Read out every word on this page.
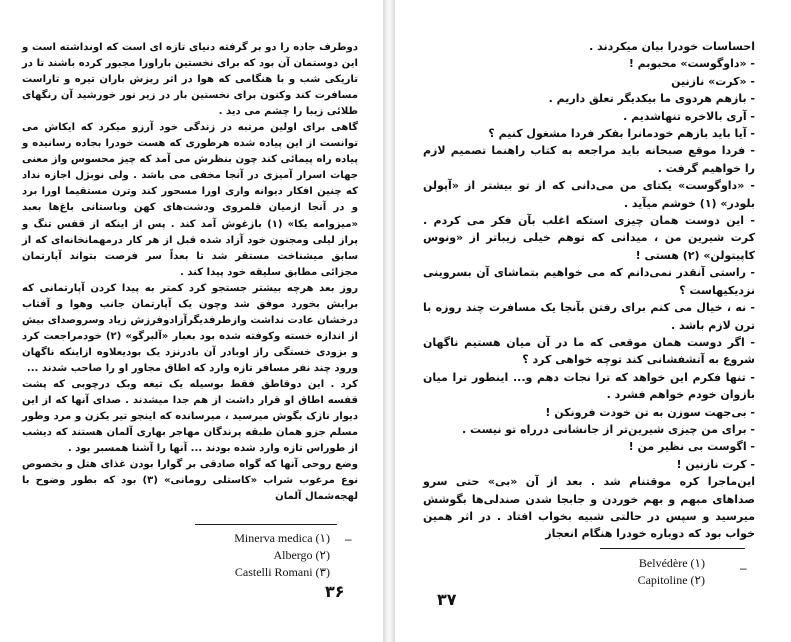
دوطرف جاده را دو بر گرفته دنیای تازه ای است که اونداشته است و این دوستمان آن بود که برای نخستین باراورا مجبور کرده باشند تا در تاریکی شب و با هنگامی که هوا در اثر ریزش باران تیره و تاراست مسافرت کند وکنون برای نخستین بار در زیر نور خورشید آن رنگهای طلائی زیبا را چشم می دید .

گاهی برای اولین مرتبه در زندگی خود آرزو میکرد که ایکاش می توانست از این پیاده شده هرطوری که هست خودرا بجاده رسانیده و پیاده راه پیمائی کند چون بنظرش می آمد که چیز محسوس واز معنی جهات اسرار آمیزی در آنجا مخفی می باشد . ولی نوبژل اجازه نداد که چنین افکار دیوانه واری اورا مسحور کند وترن مستقیما اورا برد و در آنجا ازمیان قلمروی ودشت‌های کهن وباستانی باغ‌ها بعبد «میزوامه یکا» (۱) بازغوش آمد کند . پس از اینکه از قفس تنگ و پراز لیلی ومجنون خود آزاد شده قبل از هر کار درمهمانخانه‌ای که از سابق میشناخت مستقر شد تا بعداً سر فرصت بتواند آپارتمان مجزائی مطابق سلیقه خود پیدا کند .

روز بعد هرچه بیشتر جستجو کرد کمتر به پیدا کردن آپارتمانی که برایش بخورد موفق شد وچون یک آپارتمان جانب وهوا و آفتاب درخشان عادت نداشت وازطرفدیگرآزادوفرزش زیاد وسروصدای بیش از اندازه خسته وکوفته شده بود بعبار «آلبرگو» (۲) خودمراجعت کرد و بزودی خستگی راز اوبادر آن بادرنزد یک بودیعلاوه ازاینکه ناگهان ورود چند نفر مسافر تازه وارد که اطاق مجاور او را صاحب شدند ...

کرد . این دوقاطق فقط بوسیله یک تیغه وبک درچوبی که پشت قفسه اطاق او قرار داشت از هم جدا میشدند . صدای آنها که از این دیوار نازک بگوش میرسید ، میرسانده که اینجو تیر یکزن و مرد وطور مسلم جزو همان طبقه پرندگان مهاجر بهاری آلمان هستند که دیشب از طوراس تازه وارد شده بودند ... آنها را آشنا همسبر بود .

وضع روحی آنها که گواه صادقی بر گوارا بودن غذای هتل و بخصوص نوع مرغوب شراب «کاستلی رومانی» (۳) بود که بطور وضوح با لهجه‌شمال آلمان

–
Minerva medica (۱)
Albergo (۲)
Castelli Romani (۳)
۳۶

احساسات خودرا بیان میکردند .

- «داوگوست» محبوبم !

- «کرت» نازنین

- بازهم هردوی ما بیکدیگر تعلق داریم .

- آری بالاخره تنهاشدیم .

- آیا باید بازهم خودمانرا بفکر فردا مشغول کنیم ؟

- فردا موقع صبحانه باید مراجعه به کتاب راهنما تصمیم لازم را خواهیم گرفت .

- «داوگوست» یکتای من می‌دانی که از تو بیشتر از «آپولن بلودر» (۱) خوشم میآید .

- این دوست همان چیزی استکه اغلب بآن فکر می کردم . کرت شیرین من ، میدانی که توهم خیلی زیباتر از «ونوس کاپیتولن» (۲) هستی !

- راستی آنقدر نمی‌دانم که می خواهیم بتماشای آن بسروینی نزدیکیهاست ؟

- نه ، خیال می کنم برای رفتن بآنجا یک مسافرت چند روزه با ترن لازم باشد .

- اگر دوست همان موقعی که ما در آن میان هستیم ناگهان شروع به آتشفشانی کند توچه خواهی کرد ؟

- تنها فکرم این خواهد که ترا نجات دهم و... اینطور ترا میان بازوان خودم خواهم فشرد .

- بی‌جهت سوزن به تن خودت فرونکن !

- برای من چیزی شیرین‌تر از جانشانی درراه تو نیست .

- اگوست بی نظیر من !

- کرت نازنین !

این‌ماجرا کره موقتنام شد . بعد از آن «بی» حتی سرو صداهای مبهم و بهم خوردن و جابجا شدن صندلی‌ها بگوشش میرسید و سپس در حالتی شبیه بخواب افتاد . در اثر همین خواب بود که دوباره خودرا هنگام انعجاز

–
Belvédère (۱)
Capitoline (۲)
۳۷
